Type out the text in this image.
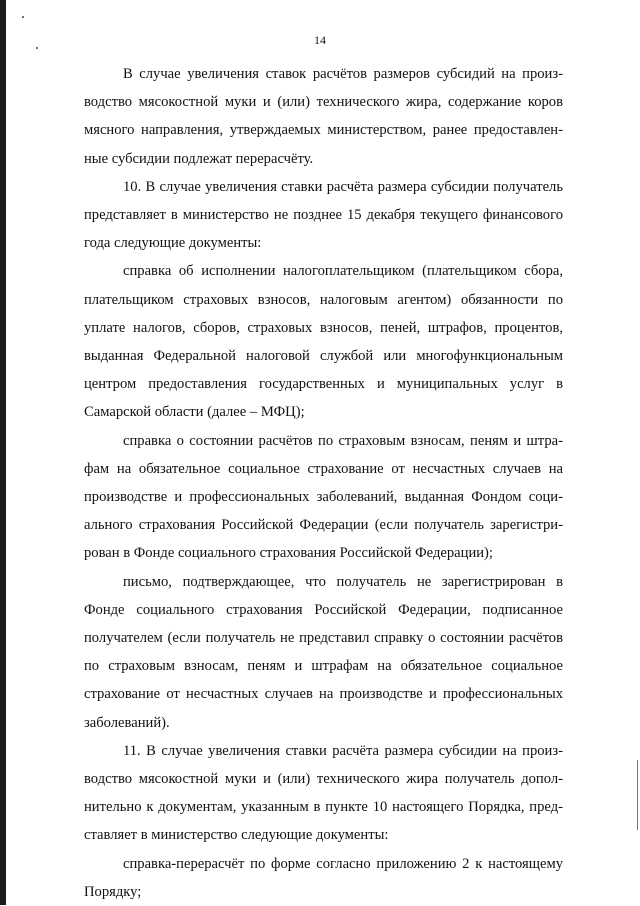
14

В случае увеличения ставок расчётов размеров субсидий на производство мясокостной муки и (или) технического жира, содержание коров мясного направления, утверждаемых министерством, ранее предоставленные субсидии подлежат перерасчёту.

10. В случае увеличения ставки расчёта размера субсидии получатель представляет в министерство не позднее 15 декабря текущего финансового года следующие документы:

справка об исполнении налогоплательщиком (плательщиком сбора, плательщиком страховых взносов, налоговым агентом) обязанности по уплате налогов, сборов, страховых взносов, пеней, штрафов, процентов, выданная Федеральной налоговой службой или многофункциональным центром предоставления государственных и муниципальных услуг в Самарской области (далее – МФЦ);

справка о состоянии расчётов по страховым взносам, пеням и штрафам на обязательное социальное страхование от несчастных случаев на производстве и профессиональных заболеваний, выданная Фондом социального страхования Российской Федерации (если получатель зарегистрирован в Фонде социального страхования Российской Федерации);

письмо, подтверждающее, что получатель не зарегистрирован в Фонде социального страхования Российской Федерации, подписанное получателем (если получатель не представил справку о состоянии расчётов по страховым взносам, пеням и штрафам на обязательное социальное страхование от несчастных случаев на производстве и профессиональных заболеваний).

11. В случае увеличения ставки расчёта размера субсидии на производство мясокостной муки и (или) технического жира получатель дополнительно к документам, указанным в пункте 10 настоящего Порядка, представляет в министерство следующие документы:

справка-перерасчёт по форме согласно приложению 2 к настоящему Порядку;
